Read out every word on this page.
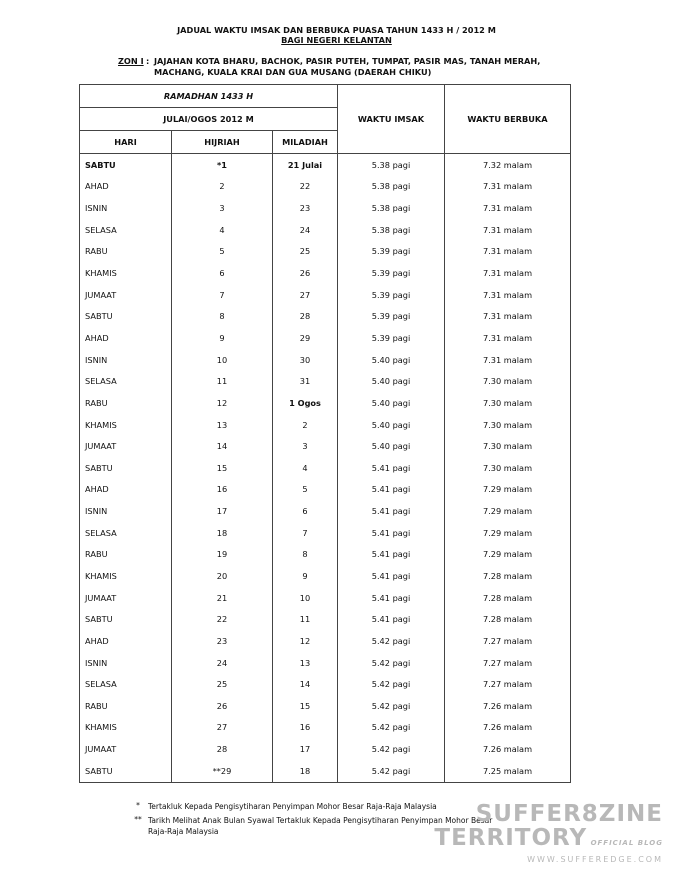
JADUAL WAKTU IMSAK DAN BERBUKA PUASA TAHUN 1433 H / 2012 M
BAGI NEGERI KELANTAN
ZON I : JAJAHAN KOTA BHARU, BACHOK, PASIR PUTEH, TUMPAT, PASIR MAS, TANAH MERAH,
MACHANG, KUALA KRAI DAN GUA MUSANG (DAERAH CHIKU)
RAMADHAN 1433 H			WAKTU IMSAK	WAKTU BERBUKA
JULAI/OGOS 2012 M				
HARI	HIJRIAH	MILADIAH		
SABTU	*1	21 Julai	5.38 pagi	7.32 malam
AHAD	2	22	5.38 pagi	7.31 malam
ISNIN	3	23	5.38 pagi	7.31 malam
SELASA	4	24	5.38 pagi	7.31 malam
RABU	5	25	5.39 pagi	7.31 malam
KHAMIS	6	26	5.39 pagi	7.31 malam
JUMAAT	7	27	5.39 pagi	7.31 malam
SABTU	8	28	5.39 pagi	7.31 malam
AHAD	9	29	5.39 pagi	7.31 malam
ISNIN	10	30	5.40 pagi	7.31 malam
SELASA	11	31	5.40 pagi	7.30 malam
RABU	12	1 Ogos	5.40 pagi	7.30 malam
KHAMIS	13	2	5.40 pagi	7.30 malam
JUMAAT	14	3	5.40 pagi	7.30 malam
SABTU	15	4	5.41 pagi	7.30 malam
AHAD	16	5	5.41 pagi	7.29 malam
ISNIN	17	6	5.41 pagi	7.29 malam
SELASA	18	7	5.41 pagi	7.29 malam
RABU	19	8	5.41 pagi	7.29 malam
KHAMIS	20	9	5.41 pagi	7.28 malam
JUMAAT	21	10	5.41 pagi	7.28 malam
SABTU	22	11	5.41 pagi	7.28 malam
AHAD	23	12	5.42 pagi	7.27 malam
ISNIN	24	13	5.42 pagi	7.27 malam
SELASA	25	14	5.42 pagi	7.27 malam
RABU	26	15	5.42 pagi	7.26 malam
KHAMIS	27	16	5.42 pagi	7.26 malam
JUMAAT	28	17	5.42 pagi	7.26 malam
SABTU	**29	18	5.42 pagi	7.25 malam
*	Tertakluk Kepada Pengisytiharan Penyimpan Mohor Besar Raja-Raja Malaysia
** Tarikh Melihat Anak Bulan Syawal Tertakluk Kepada Pengisytiharan Penyimpan Mohor Besar Raja-Raja Malaysia
SUFFER8ZINE
TERRITORY OFFICIAL BLOG
WWW.SUFFEREDGE.COM
